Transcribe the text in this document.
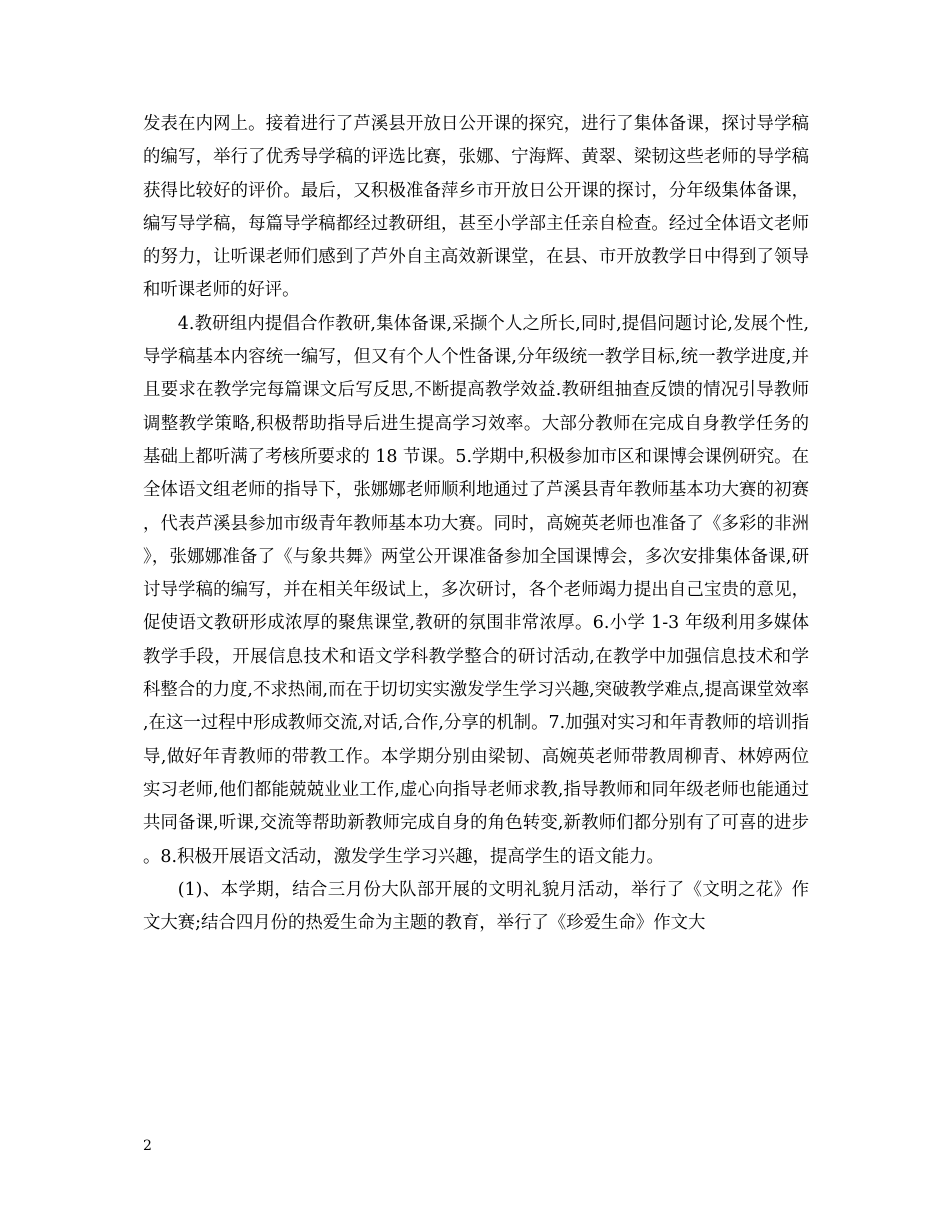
发表在内网上。接着进行了芦溪县开放日公开课的探究，进行了集体备课，探讨导学稿的编写，举行了优秀导学稿的评选比赛，张娜、宁海辉、黄翠、梁韧这些老师的导学稿获得比较好的评价。最后，又积极准备萍乡市开放日公开课的探讨，分年级集体备课，编写导学稿，每篇导学稿都经过教研组，甚至小学部主任亲自检查。经过全体语文老师的努力，让听课老师们感到了芦外自主高效新课堂，在县、市开放教学日中得到了领导和听课老师的好评。

4.教研组内提倡合作教研,集体备课,采撷个人之所长,同时,提倡问题讨论,发展个性,导学稿基本内容统一编写，但又有个人个性备课,分年级统一教学目标,统一教学进度,并且要求在教学完每篇课文后写反思,不断提高教学效益.教研组抽查反馈的情况引导教师调整教学策略,积极帮助指导后进生提高学习效率。大部分教师在完成自身教学任务的基础上都听满了考核所要求的 18 节课。5.学期中,积极参加市区和课博会课例研究。在全体语文组老师的指导下，张娜娜老师顺利地通过了芦溪县青年教师基本功大赛的初赛，代表芦溪县参加市级青年教师基本功大赛。同时，高婉英老师也准备了《多彩的非洲》，张娜娜准备了《与象共舞》两堂公开课准备参加全国课博会，多次安排集体备课,研讨导学稿的编写，并在相关年级试上，多次研讨，各个老师竭力提出自己宝贵的意见，促使语文教研形成浓厚的聚焦课堂,教研的氛围非常浓厚。6.小学 1-3 年级利用多媒体教学手段，开展信息技术和语文学科教学整合的研讨活动,在教学中加强信息技术和学科整合的力度,不求热闹,而在于切切实实激发学生学习兴趣,突破教学难点,提高课堂效率,在这一过程中形成教师交流,对话,合作,分享的机制。7.加强对实习和年青教师的培训指导,做好年青教师的带教工作。本学期分别由梁韧、高婉英老师带教周柳青、林婷两位实习老师,他们都能兢兢业业工作,虚心向指导老师求教,指导教师和同年级老师也能通过共同备课,听课,交流等帮助新教师完成自身的角色转变,新教师们都分别有了可喜的进步。8.积极开展语文活动，激发学生学习兴趣，提高学生的语文能力。

(1)、本学期，结合三月份大队部开展的文明礼貌月活动，举行了《文明之花》作文大赛;结合四月份的热爱生命为主题的教育，举行了《珍爱生命》作文大

2
